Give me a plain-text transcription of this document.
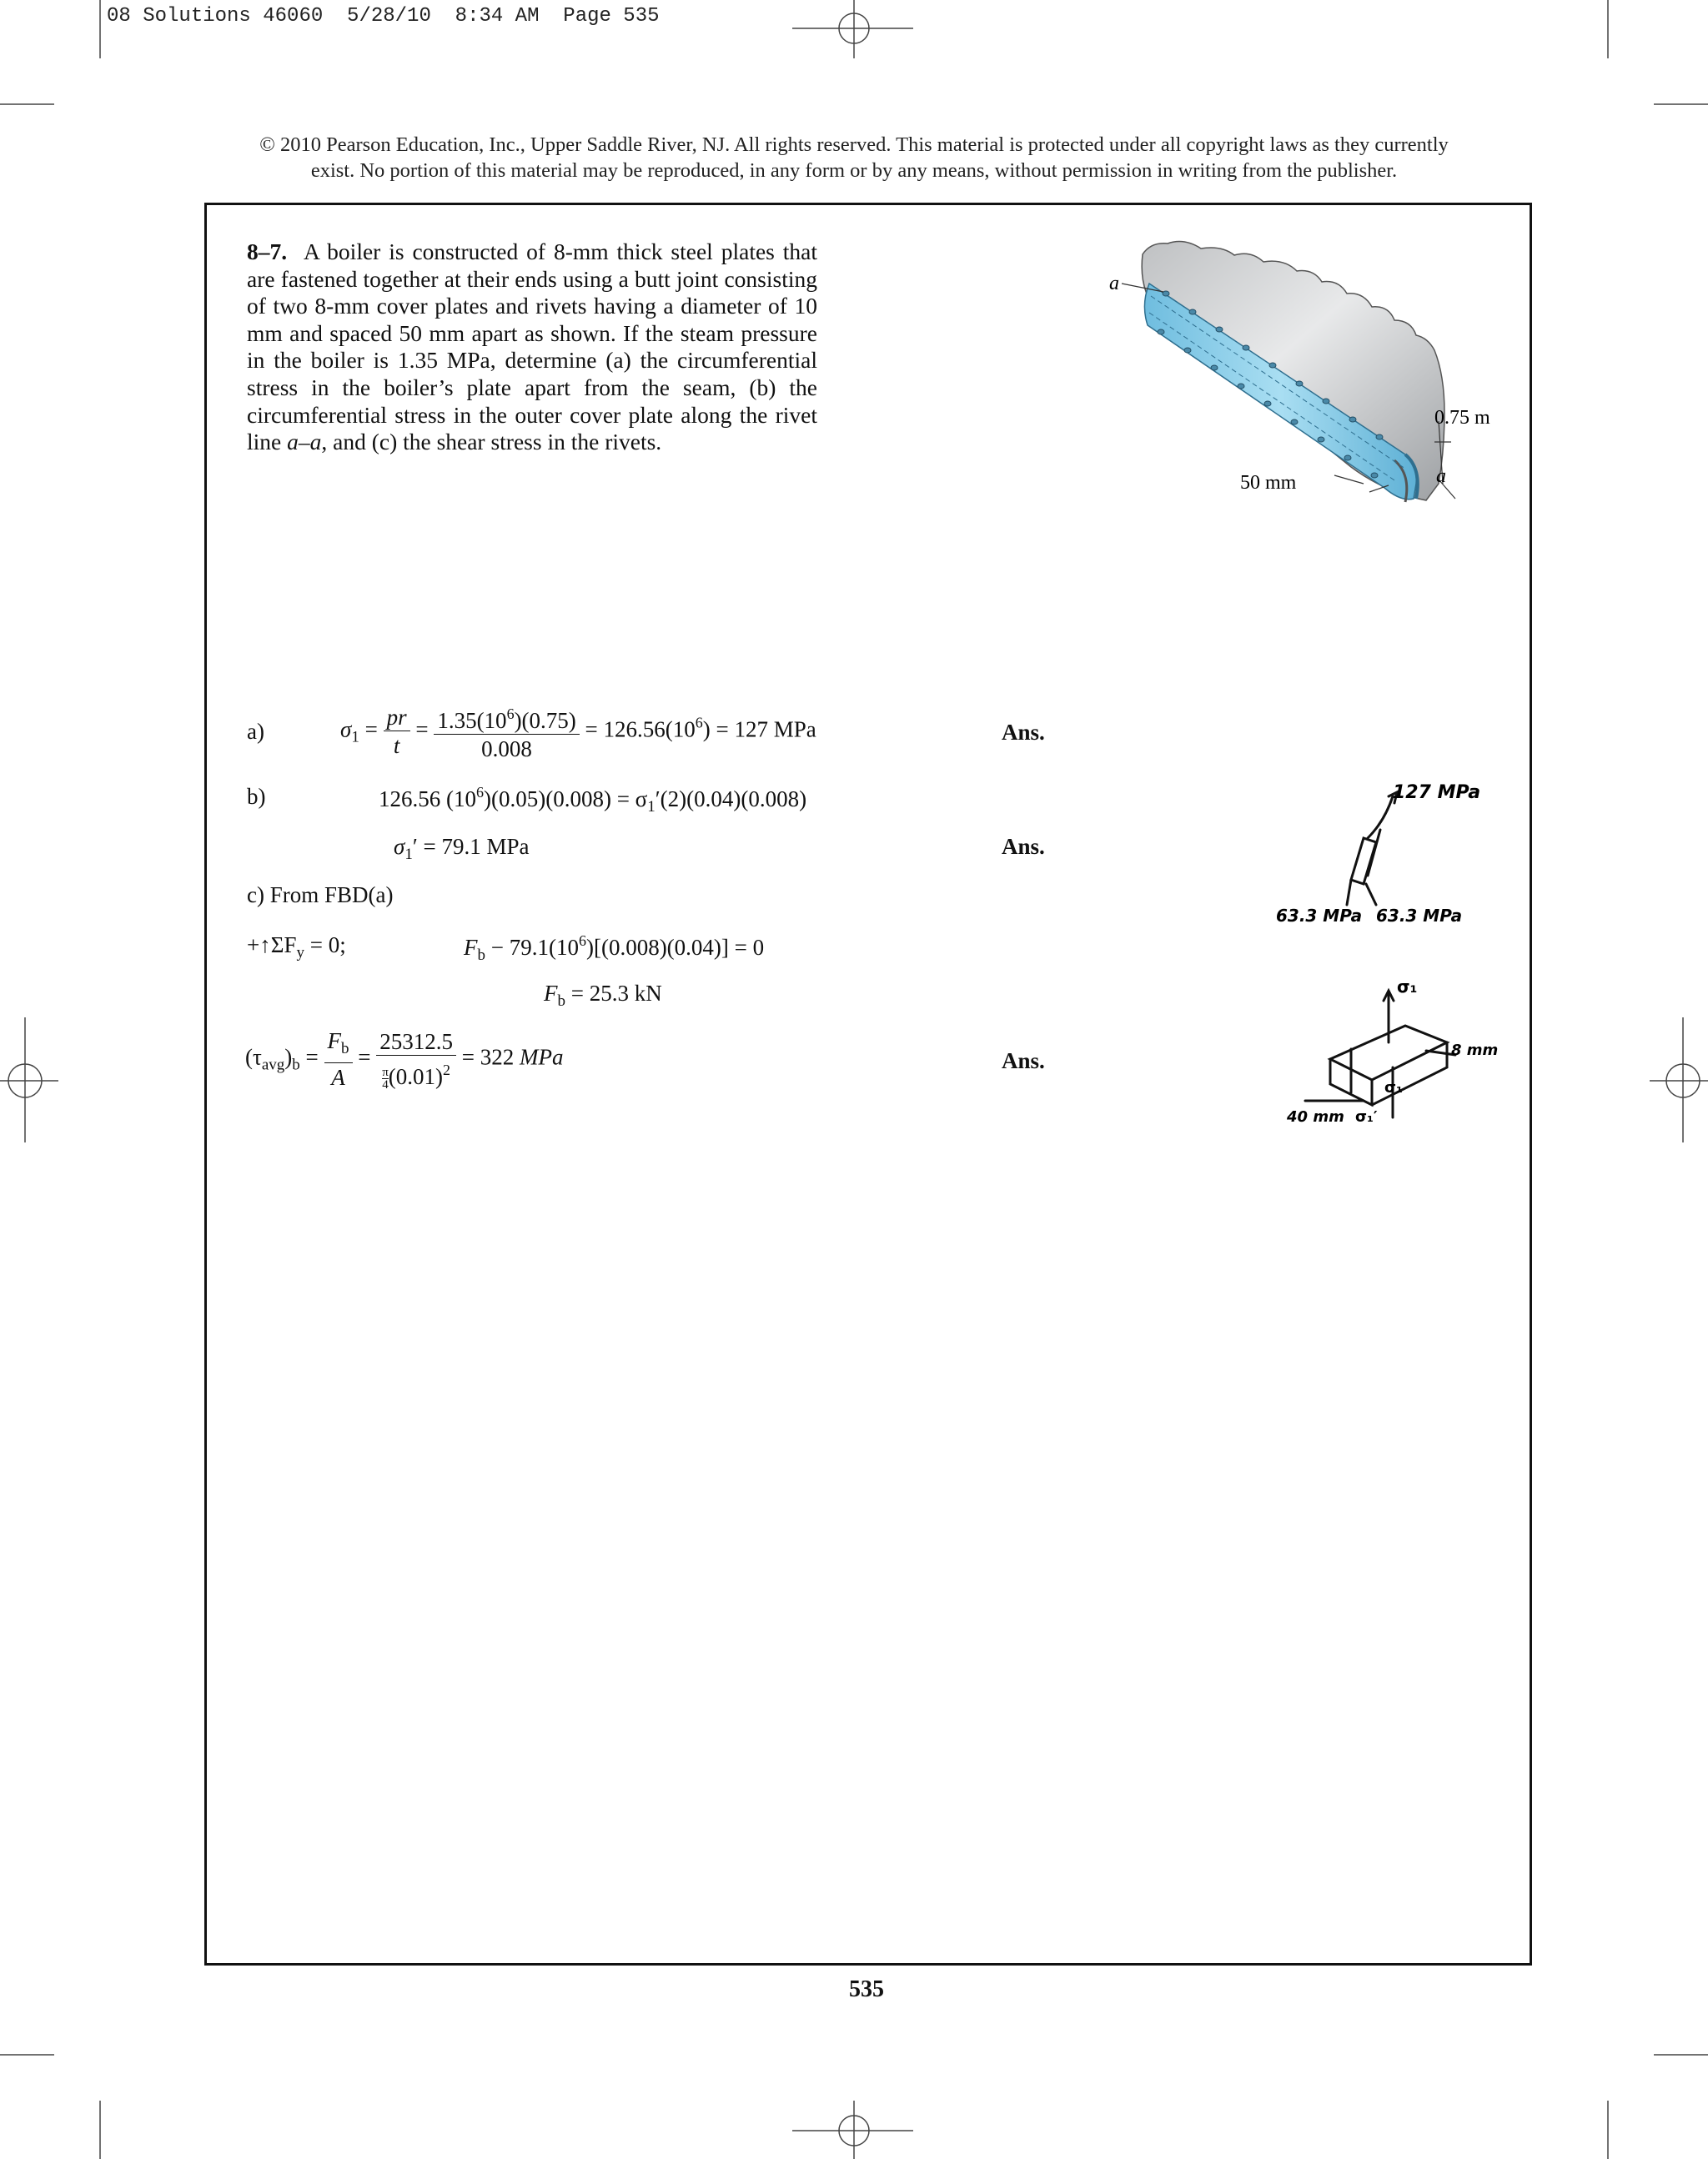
08 Solutions 46060  5/28/10  8:34 AM  Page 535
© 2010 Pearson Education, Inc., Upper Saddle River, NJ. All rights reserved. This material is protected under all copyright laws as they currently
exist. No portion of this material may be reproduced, in any form or by any means, without permission in writing from the publisher.
8–7. A boiler is constructed of 8-mm thick steel plates that are fastened together at their ends using a butt joint consisting of two 8-mm cover plates and rivets having a diameter of 10 mm and spaced 50 mm apart as shown. If the steam pressure in the boiler is 1.35 MPa, determine (a) the circumferential stress in the boiler’s plate apart from the seam, (b) the circumferential stress in the outer cover plate along the rivet line a–a, and (c) the shear stress in the rivets.
a
a
0.75 m
50 mm
a)	$\sigma_1 = \frac{pr}{t} = \frac{1.35(10^6)(0.75)}{0.008} = 126.56(10^6) = 127$ MPa	Ans.
b)	126.56 $(10^6)(0.05)(0.008) = \sigma_1'(2)(0.04)(0.008)$
$\sigma_1' = 79.1$ MPa	Ans.
c) From FBD(a)
$+↑\Sigma F_y = 0$;	$F_b - 79.1(10^6)[(0.008)(0.04)] = 0$
$F_b = 25.3$ kN
$(\tau_{avg})_b = \frac{F_b}{A} = \frac{25312.5}{\frac{\pi}{4} (0.01)^2} = 322$ MPa	Ans.
127 MPa
63.3 MPa 63.3 MPa
σ₁
8 mm
σ₁
40 mm σ₁′
535
